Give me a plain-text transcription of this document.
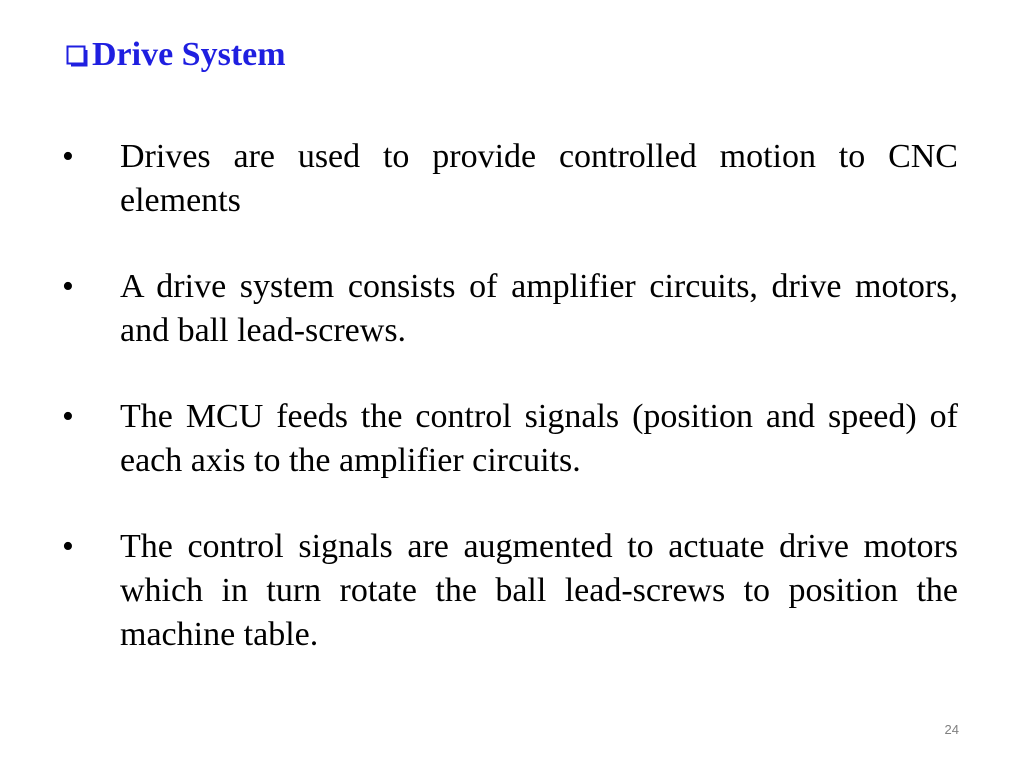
Drive System
•	Drives are used to provide controlled motion to CNC elements
•	A drive system consists of amplifier circuits, drive motors, and ball lead-screws.
•	The MCU feeds the control signals (position and speed) of each axis to the amplifier circuits.
•	The control signals are augmented to actuate drive motors which in turn rotate the ball lead-screws to position the machine table.
24
